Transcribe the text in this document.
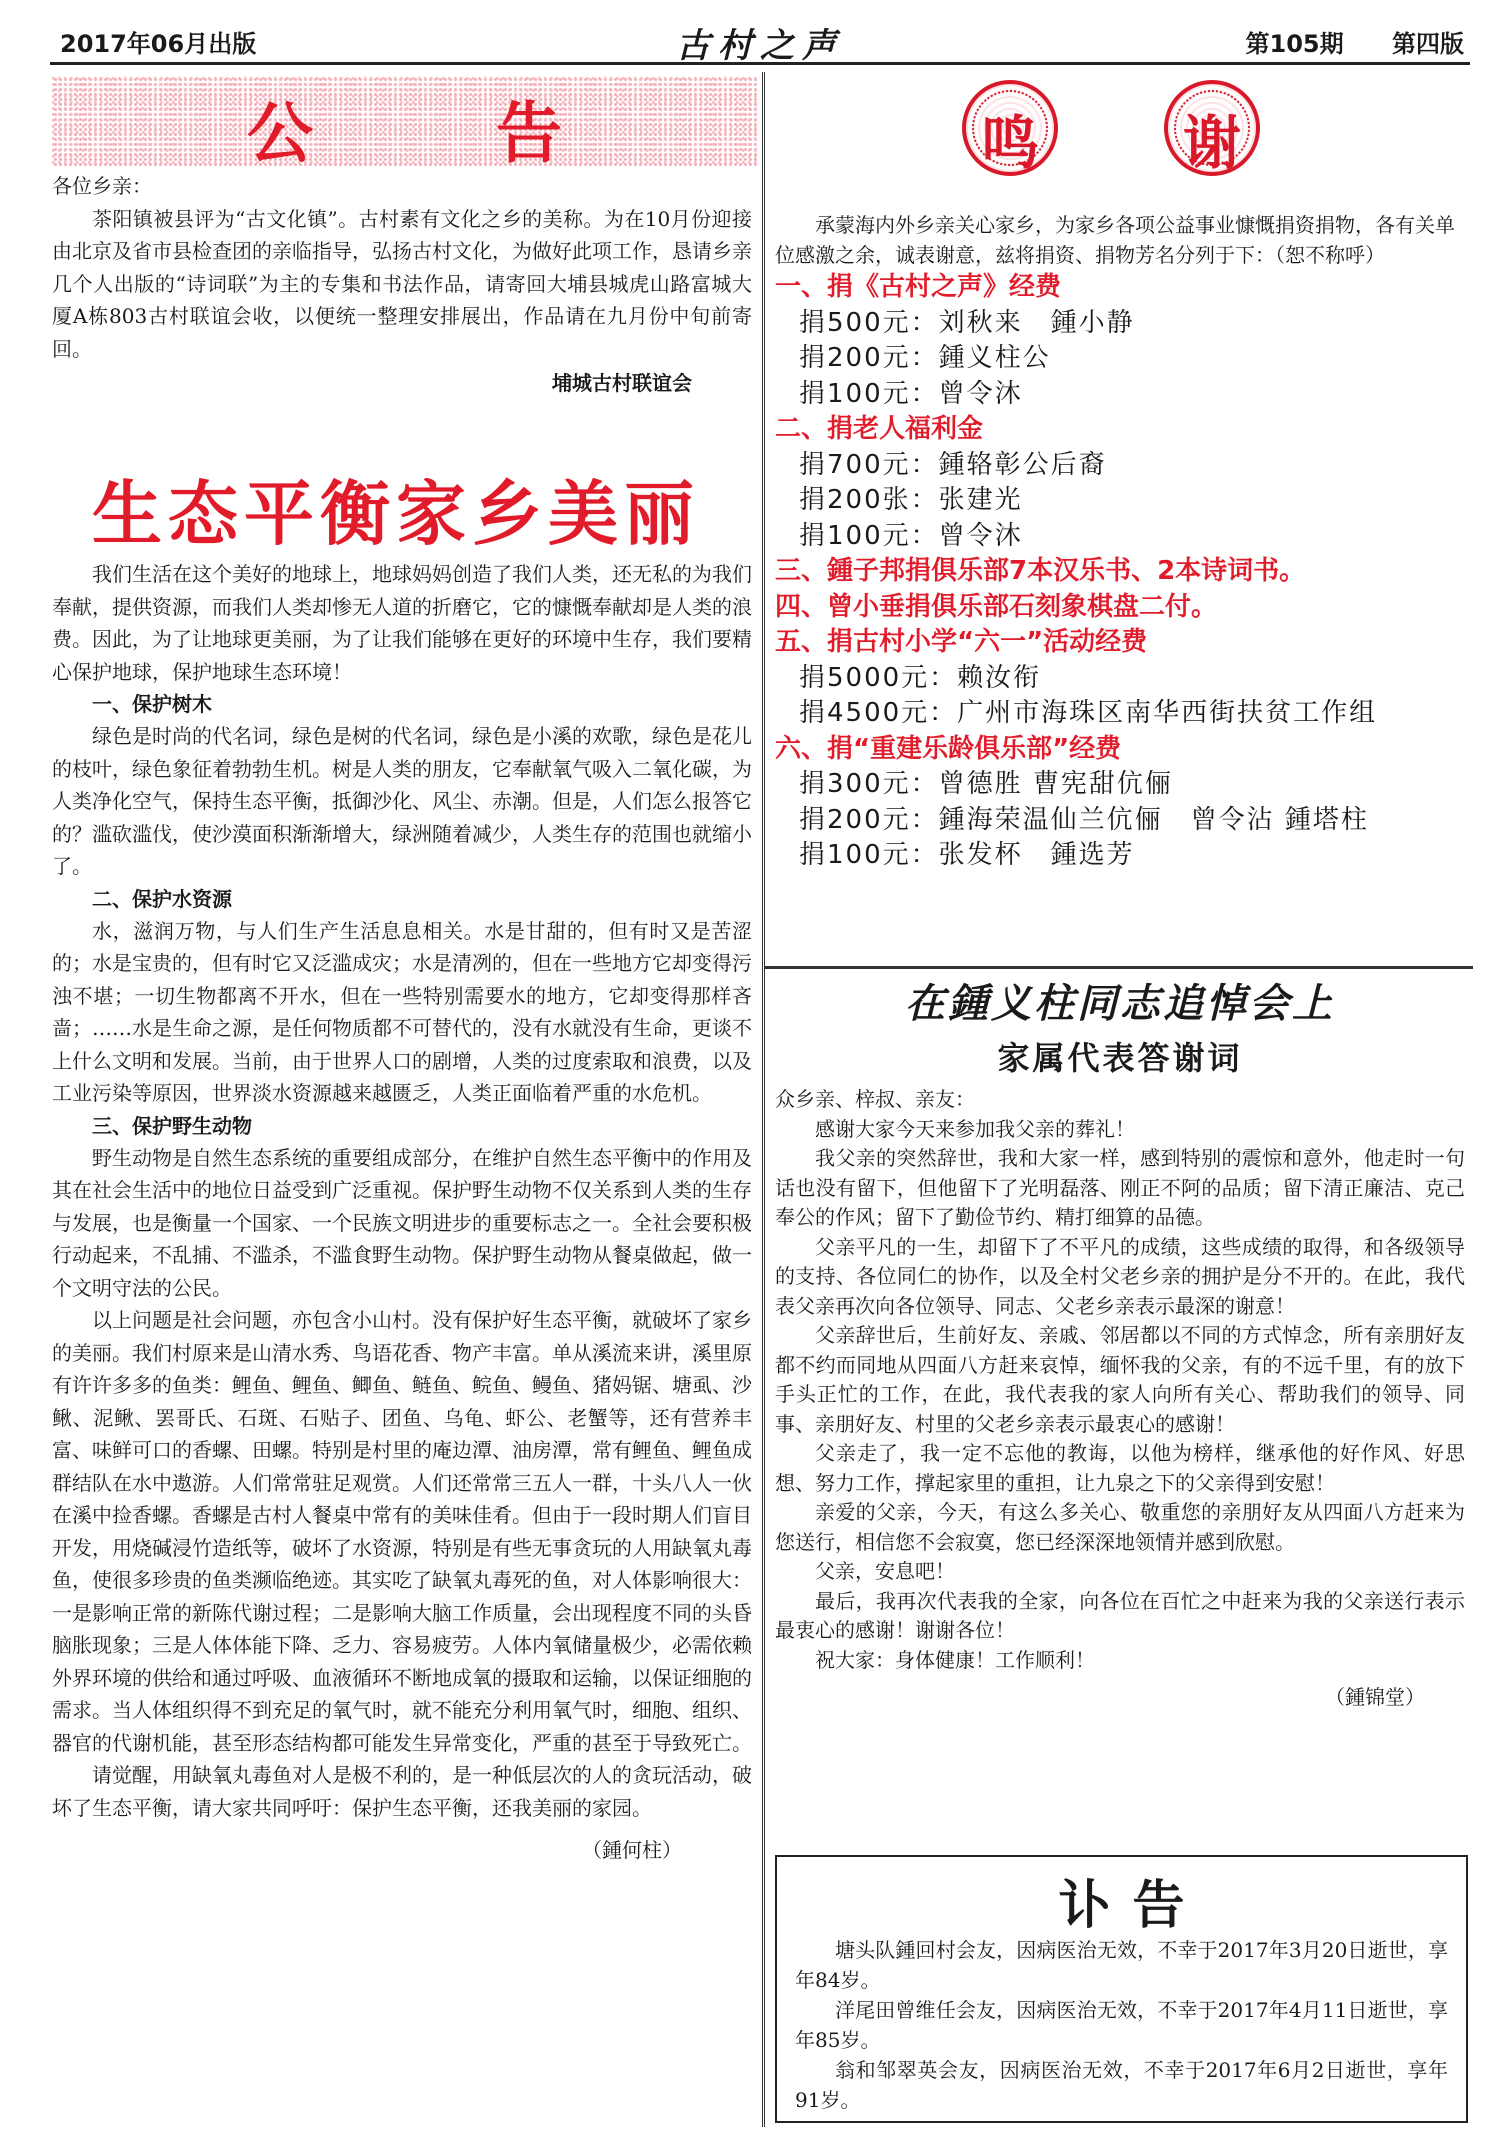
2017年06月出版	古村之声	第105期 第四版
公 告

各位乡亲：

茶阳镇被县评为“古文化镇”。古村素有文化之乡的美称。为在10月份迎接由北京及省市县检查团的亲临指导，弘扬古村文化，为做好此项工作，恳请乡亲几个人出版的“诗词联”为主的专集和书法作品，请寄回大埔县城虎山路富城大厦A栋803古村联谊会收，以便统一整理安排展出，作品请在九月份中旬前寄回。

埔城古村联谊会
生态平衡家乡美丽

我们生活在这个美好的地球上，地球妈妈创造了我们人类，还无私的为我们奉献，提供资源，而我们人类却惨无人道的折磨它，它的慷慨奉献却是人类的浪费。因此，为了让地球更美丽，为了让我们能够在更好的环境中生存，我们要精心保护地球，保护地球生态环境！

一、保护树木

绿色是时尚的代名词，绿色是树的代名词，绿色是小溪的欢歌，绿色是花儿的枝叶，绿色象征着勃勃生机。树是人类的朋友，它奉献氧气吸入二氧化碳，为人类净化空气，保持生态平衡，抵御沙化、风尘、赤潮。但是，人们怎么报答它的？滥砍滥伐，使沙漠面积渐渐增大，绿洲随着减少，人类生存的范围也就缩小了。

二、保护水资源

水，滋润万物，与人们生产生活息息相关。水是甘甜的，但有时又是苦涩的；水是宝贵的，但有时它又泛滥成灾；水是清冽的，但在一些地方它却变得污浊不堪；一切生物都离不开水，但在一些特别需要水的地方，它却变得那样吝啬；……水是生命之源，是任何物质都不可替代的，没有水就没有生命，更谈不上什么文明和发展。当前，由于世界人口的剧增，人类的过度索取和浪费，以及工业污染等原因，世界淡水资源越来越匮乏，人类正面临着严重的水危机。

三、保护野生动物

野生动物是自然生态系统的重要组成部分，在维护自然生态平衡中的作用及其在社会生活中的地位日益受到广泛重视。保护野生动物不仅关系到人类的生存与发展，也是衡量一个国家、一个民族文明进步的重要标志之一。全社会要积极行动起来，不乱捕、不滥杀，不滥食野生动物。保护野生动物从餐桌做起，做一个文明守法的公民。

以上问题是社会问题，亦包含小山村。没有保护好生态平衡，就破坏了家乡的美丽。我们村原来是山清水秀、鸟语花香、物产丰富。单从溪流来讲，溪里原有许许多多的鱼类：鲤鱼、鲤鱼、鲫鱼、鲢鱼、鲩鱼、鳗鱼、猪妈锯、塘虱、沙鳅、泥鳅、罢哥氏、石斑、石贴子、团鱼、乌龟、虾公、老蟹等，还有营养丰富、味鲜可口的香螺、田螺。特别是村里的庵边潭、油房潭，常有鲤鱼、鲤鱼成群结队在水中遨游。人们常常驻足观赏。人们还常常三五人一群，十头八人一伙在溪中捡香螺。香螺是古村人餐桌中常有的美味佳肴。但由于一段时期人们盲目开发，用烧碱浸竹造纸等，破坏了水资源，特别是有些无事贪玩的人用缺氧丸毒鱼，使很多珍贵的鱼类濒临绝迹。其实吃了缺氧丸毒死的鱼，对人体影响很大：一是影响正常的新陈代谢过程；二是影响大脑工作质量，会出现程度不同的头昏脑胀现象；三是人体体能下降、乏力、容易疲劳。人体内氧储量极少，必需依赖外界环境的供给和通过呼吸、血液循环不断地成氧的摄取和运输，以保证细胞的需求。当人体组织得不到充足的氧气时，就不能充分利用氧气时，细胞、组织、器官的代谢机能，甚至形态结构都可能发生异常变化，严重的甚至于导致死亡。

请觉醒，用缺氧丸毒鱼对人是极不利的，是一种低层次的人的贪玩活动，破坏了生态平衡，请大家共同呼吁：保护生态平衡，还我美丽的家园。

（鍾何柱）
鸣 谢

承蒙海内外乡亲关心家乡，为家乡各项公益事业慷慨捐资捐物，各有关单位感激之余，诚表谢意，兹将捐资、捐物芳名分列于下：（恕不称呼）

一、捐《古村之声》经费
捐500元：刘秋来　鍾小静
捐200元：鍾义柱公
捐100元：曾令沐
二、捐老人福利金
捐700元：鍾辂彰公后裔
捐200张：张建光
捐100元：曾令沐
三、鍾子邦捐俱乐部7本汉乐书、2本诗词书。
四、曾小垂捐俱乐部石刻象棋盘二付。
五、捐古村小学“六一”活动经费
捐5000元：赖汝衔
捐4500元：广州市海珠区南华西街扶贫工作组
六、捐“重建乐龄俱乐部”经费
捐300元：曾德胜 曹宪甜伉俪
捐200元：鍾海荣温仙兰伉俪　曾令沾 鍾塔柱
捐100元：张发杯　鍾选芳
在鍾义柱同志追悼会上
家属代表答谢词

众乡亲、梓叔、亲友：

感谢大家今天来参加我父亲的葬礼！

我父亲的突然辞世，我和大家一样，感到特别的震惊和意外，他走时一句话也没有留下，但他留下了光明磊落、刚正不阿的品质；留下清正廉洁、克己奉公的作风；留下了勤俭节约、精打细算的品德。

父亲平凡的一生，却留下了不平凡的成绩，这些成绩的取得，和各级领导的支持、各位同仁的协作，以及全村父老乡亲的拥护是分不开的。在此，我代表父亲再次向各位领导、同志、父老乡亲表示最深的谢意！

父亲辞世后，生前好友、亲戚、邻居都以不同的方式悼念，所有亲朋好友都不约而同地从四面八方赶来哀悼，缅怀我的父亲，有的不远千里，有的放下手头正忙的工作，在此，我代表我的家人向所有关心、帮助我们的领导、同事、亲朋好友、村里的父老乡亲表示最衷心的感谢！

父亲走了，我一定不忘他的教诲，以他为榜样，继承他的好作风、好思想、努力工作，撑起家里的重担，让九泉之下的父亲得到安慰！

亲爱的父亲，今天，有这么多关心、敬重您的亲朋好友从四面八方赶来为您送行，相信您不会寂寞，您已经深深地领情并感到欣慰。

父亲，安息吧！

最后，我再次代表我的全家，向各位在百忙之中赶来为我的父亲送行表示最衷心的感谢！谢谢各位！

祝大家：身体健康！工作顺利！

（鍾锦堂）
讣告

塘头队鍾回村会友，因病医治无效，不幸于2017年3月20日逝世，享年84岁。

洋尾田曾维任会友，因病医治无效，不幸于2017年4月11日逝世，享年85岁。

翁和邹翠英会友，因病医治无效，不幸于2017年6月2日逝世，享年91岁。
